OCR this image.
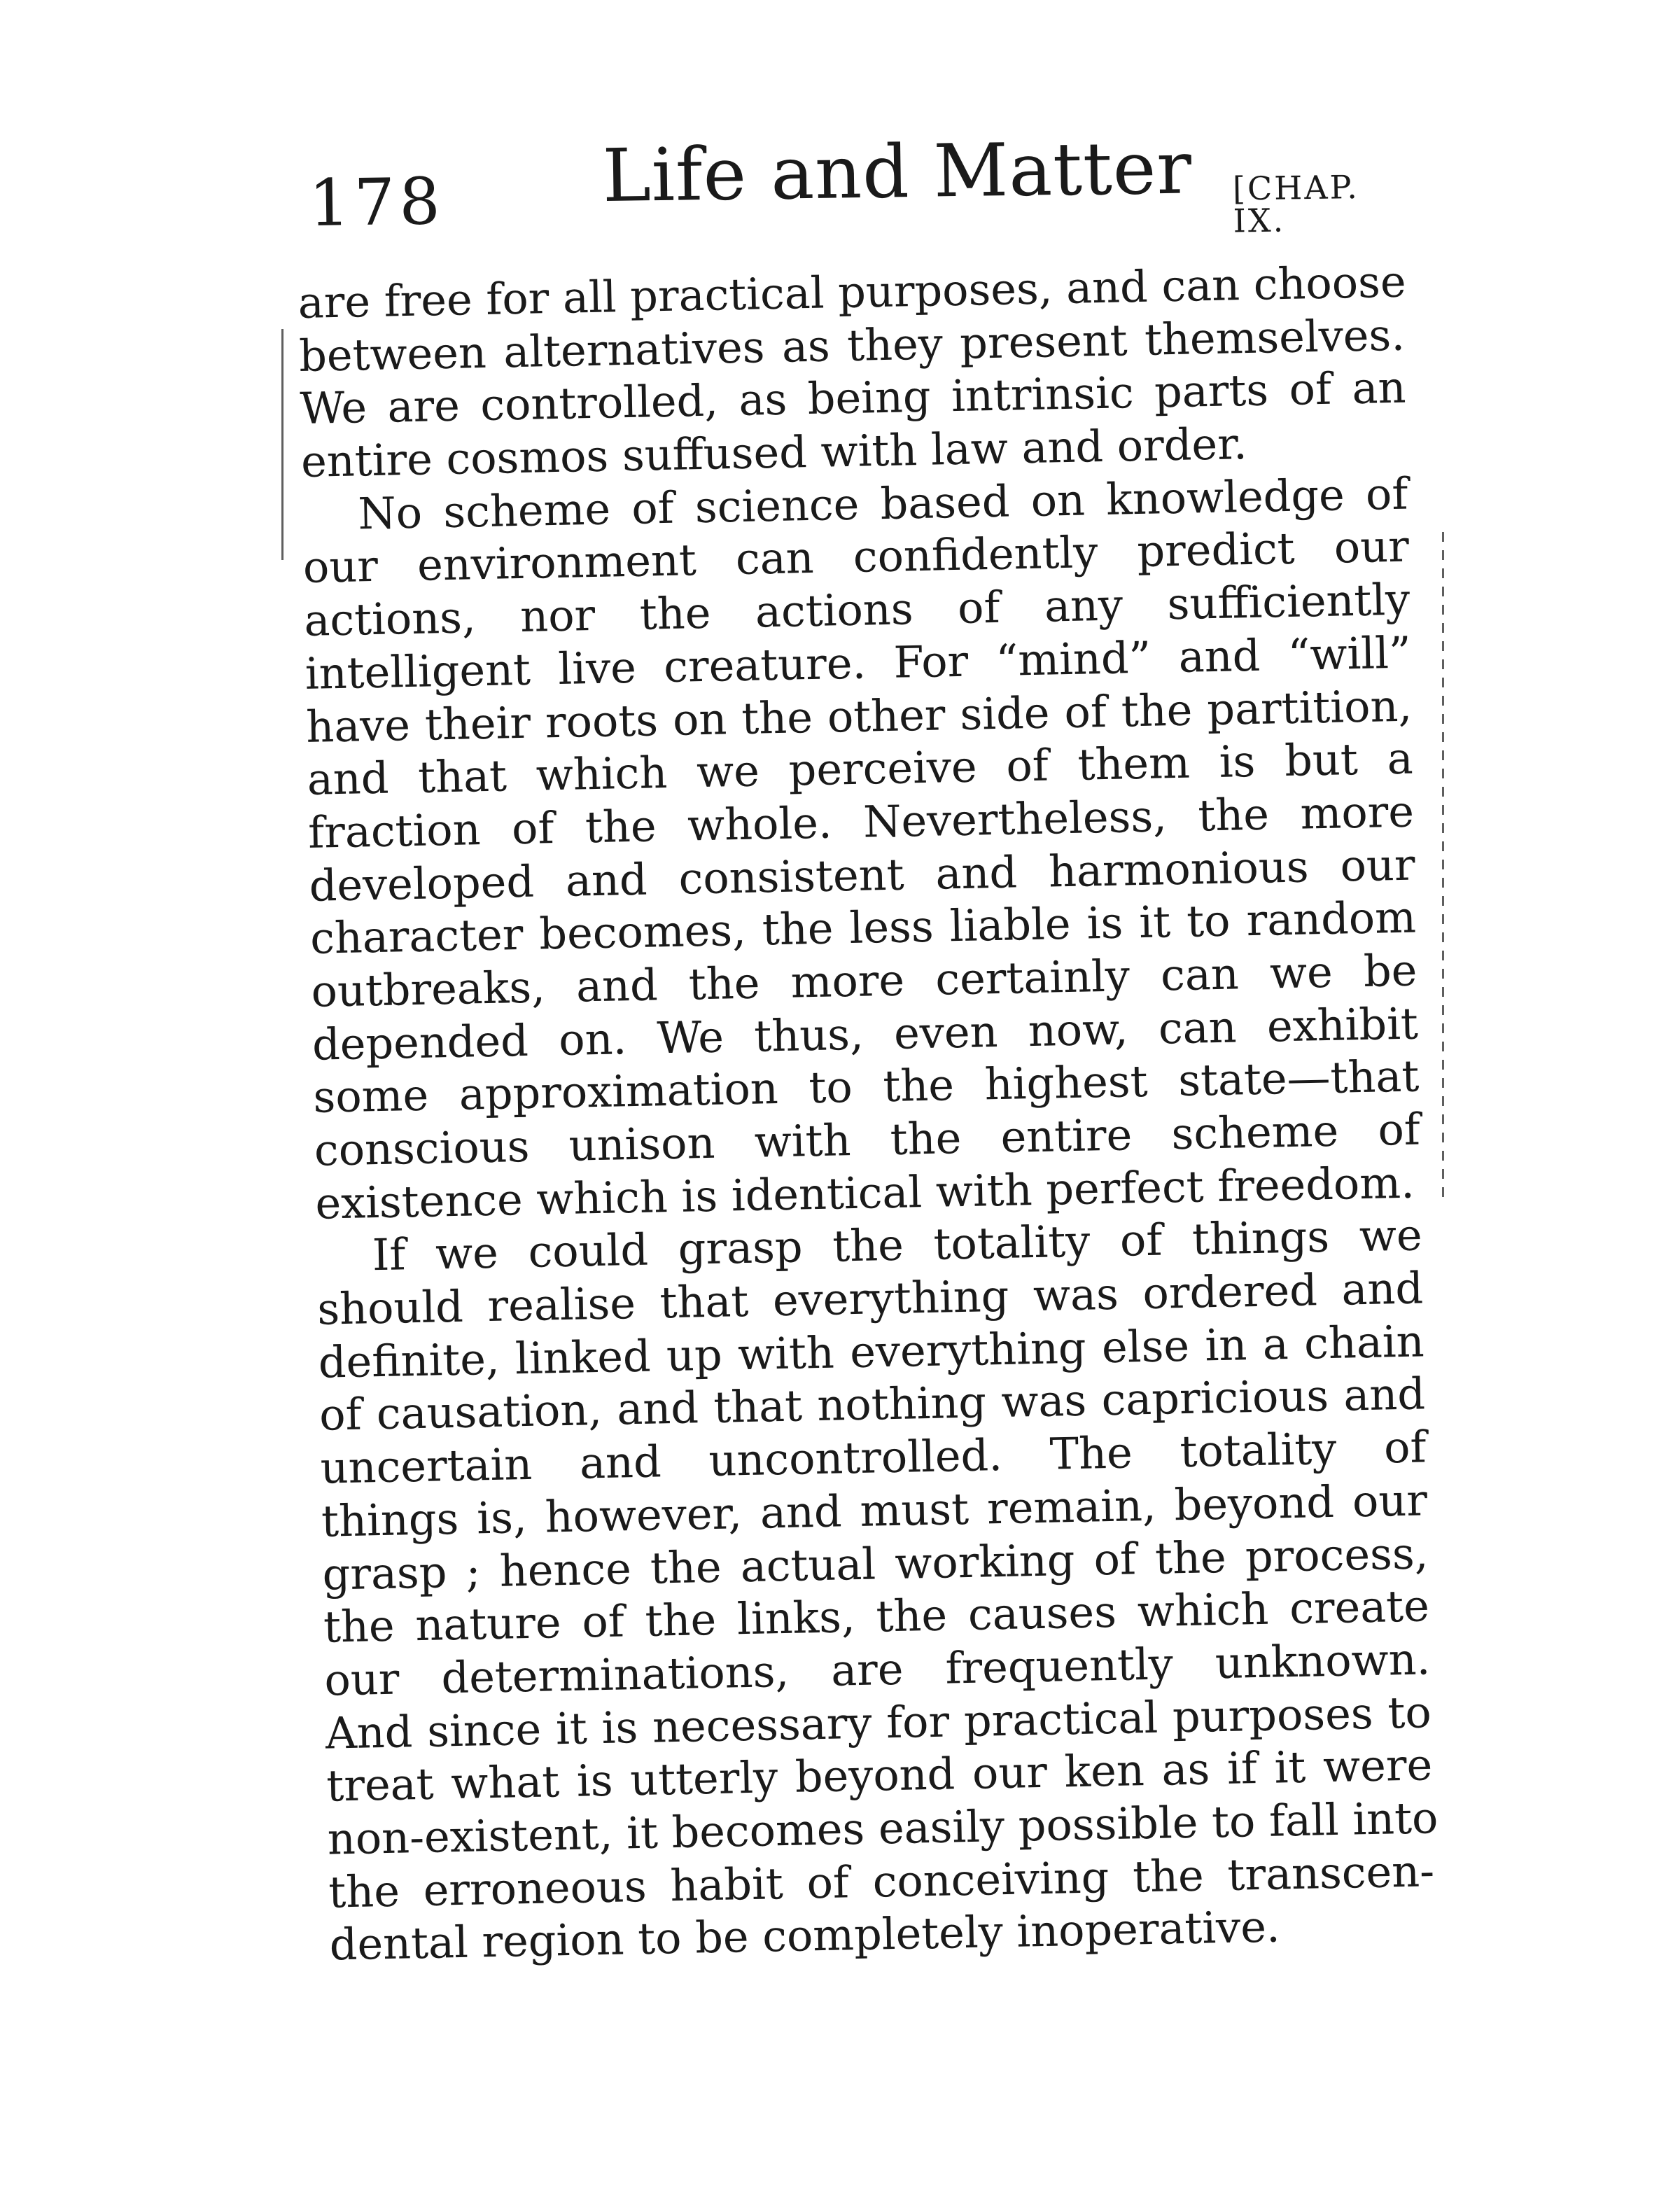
178 Life and Matter [CHAP. IX.
are free for all practical purposes, and can choose
between alternatives as they present themselves.
We are controlled, as being intrinsic parts of an
entire cosmos suffused with law and order.
No scheme of science based on knowledge of
our environment can confidently predict our
actions, nor the actions of any sufficiently
intelligent live creature. For “mind” and “will”
have their roots on the other side of the partition,
and that which we perceive of them is but a
fraction of the whole. Nevertheless, the more
developed and consistent and harmonious our
character becomes, the less liable is it to random
outbreaks, and the more certainly can we be
depended on. We thus, even now, can exhibit
some approximation to the highest state—that
conscious unison with the entire scheme of
existence which is identical with perfect freedom.
If we could grasp the totality of things we
should realise that everything was ordered and
definite, linked up with everything else in a chain
of causation, and that nothing was capricious and
uncertain and uncontrolled. The totality of
things is, however, and must remain, beyond our
grasp ; hence the actual working of the process,
the nature of the links, the causes which create
our determinations, are frequently unknown.
And since it is necessary for practical purposes to
treat what is utterly beyond our ken as if it were
non-existent, it becomes easily possible to fall into
the erroneous habit of conceiving the transcen-
dental region to be completely inoperative.
